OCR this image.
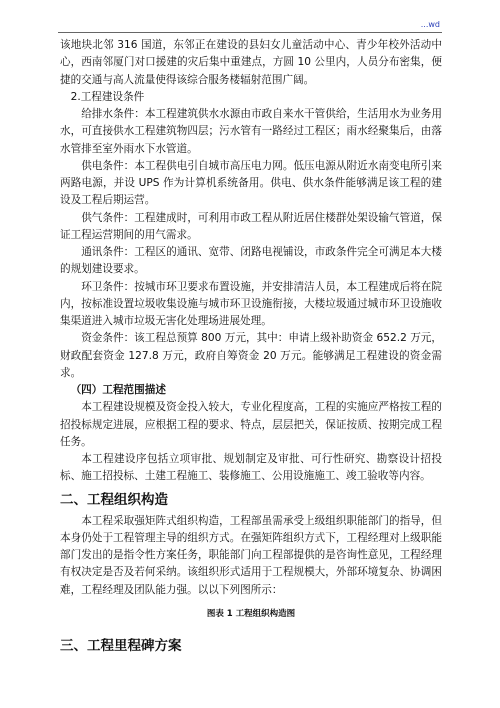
...wd

该地块北邻 316 国道，东邻正在建设的县妇女儿童活动中心、青少年校外活动中心，西南邻厦门对口援建的灾后集中重建点，方圆 10 公里内，人员分布密集，便捷的交通与高人流量使得该综合服务楼辐射范围广阔。

2.工程建设条件

给排水条件：本工程建筑供水水源由市政自来水干管供给，生活用水为业务用水，可直接供水工程建筑物四层；污水管有一路经过工程区；雨水经聚集后，由落水管排至室外雨水下水管道。

供电条件：本工程供电引自城市高压电力网。低压电源从附近水南变电所引来两路电源，并设 UPS 作为计算机系统备用。供电、供水条件能够满足该工程的建设及工程后期运营。

供气条件：工程建成时，可利用市政工程从附近居住楼群处架设输气管道，保证工程运营期间的用气需求。

通讯条件：工程区的通讯、宽带、闭路电视铺设，市政条件完全可满足本大楼的规划建设要求。

环卫条件：按城市环卫要求布置设施，并安排清洁人员，本工程建成后将在院内，按标准设置垃圾收集设施与城市环卫设施衔接，大楼垃圾通过城市环卫设施收集渠道进入城市垃圾无害化处理场进展处理。

资金条件：该工程总预算 800 万元，其中：申请上级补助资金 652.2 万元，财政配套资金 127.8 万元，政府自筹资金 20 万元。能够满足工程建设的资金需求。

（四）工程范围描述

本工程建设规模及资金投入较大，专业化程度高，工程的实施应严格按工程的招投标规定进展，应根据工程的要求、特点，层层把关，保证按质、按期完成工程任务。

本工程建设序包括立项审批、规划制定及审批、可行性研究、勘察设计招投标、施工招投标、土建工程施工、装修施工、公用设施施工、竣工验收等内容。

二、工程组织构造

本工程采取强矩阵式组织构造，工程部虽需承受上级组织职能部门的指导，但本身仍处于工程管理主导的组织方式。在强矩阵组织方式下，工程经理对上级职能部门发出的是指令性方案任务，职能部门向工程部提供的是咨询性意见，工程经理有权决定是否及若何采纳。该组织形式适用于工程规模大，外部环境复杂、协调困难，工程经理及团队能力强。以以下列图所示：

图表 1 工程组织构造图

三、工程里程碑方案
